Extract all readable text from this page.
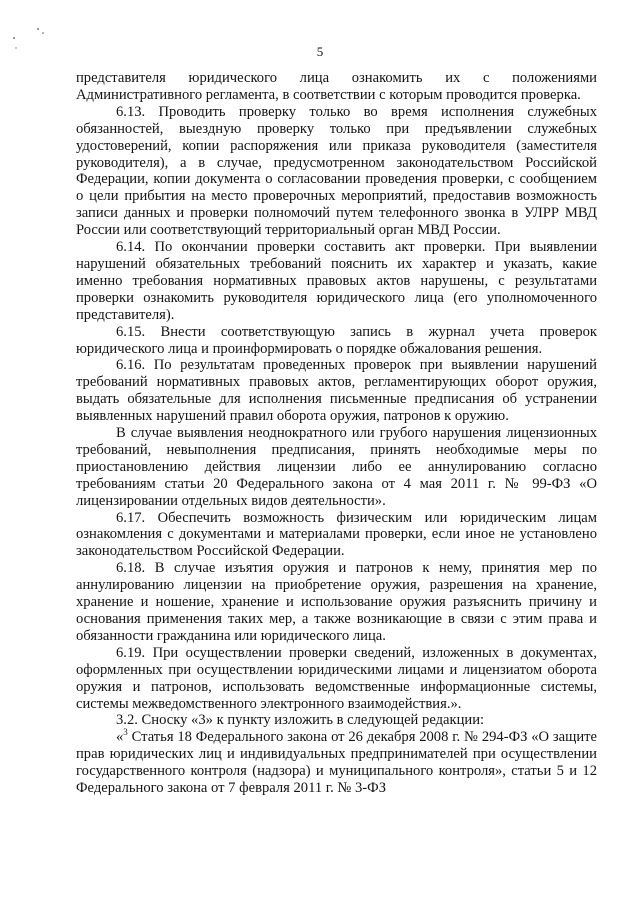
5

представителя юридического лица ознакомить их с положениями Административного регламента, в соответствии с которым проводится проверка.

6.13. Проводить проверку только во время исполнения служебных обязанностей, выездную проверку только при предъявлении служебных удостоверений, копии распоряжения или приказа руководителя (заместителя руководителя), а в случае, предусмотренном законодательством Российской Федерации, копии документа о согласовании проведения проверки, с сообщением о цели прибытия на место проверочных мероприятий, предоставив возможность записи данных и проверки полномочий путем телефонного звонка в УЛРР МВД России или соответствующий территориальный орган МВД России.

6.14. По окончании проверки составить акт проверки. При выявлении нарушений обязательных требований пояснить их характер и указать, какие именно требования нормативных правовых актов нарушены, с результатами проверки ознакомить руководителя юридического лица (его уполномоченного представителя).

6.15. Внести соответствующую запись в журнал учета проверок юридического лица и проинформировать о порядке обжалования решения.

6.16. По результатам проведенных проверок при выявлении нарушений требований нормативных правовых актов, регламентирующих оборот оружия, выдать обязательные для исполнения письменные предписания об устранении выявленных нарушений правил оборота оружия, патронов к оружию.

В случае выявления неоднократного или грубого нарушения лицензионных требований, невыполнения предписания, принять необходимые меры по приостановлению действия лицензии либо ее аннулированию согласно требованиям статьи 20 Федерального закона от 4 мая 2011 г. № 99-ФЗ «О лицензировании отдельных видов деятельности».

6.17. Обеспечить возможность физическим или юридическим лицам ознакомления с документами и материалами проверки, если иное не установлено законодательством Российской Федерации.

6.18. В случае изъятия оружия и патронов к нему, принятия мер по аннулированию лицензии на приобретение оружия, разрешения на хранение, хранение и ношение, хранение и использование оружия разъяснить причину и основания применения таких мер, а также возникающие в связи с этим права и обязанности гражданина или юридического лица.

6.19. При осуществлении проверки сведений, изложенных в документах, оформленных при осуществлении юридическими лицами и лицензиатом оборота оружия и патронов, использовать ведомственные информационные системы, системы межведомственного электронного взаимодействия.».

3.2. Сноску «3» к пункту изложить в следующей редакции:

«$^3$ Статья 18 Федерального закона от 26 декабря 2008 г. № 294-ФЗ «О защите прав юридических лиц и индивидуальных предпринимателей при осуществлении государственного контроля (надзора) и муниципального контроля», статьи 5 и 12 Федерального закона от 7 февраля 2011 г. № 3-ФЗ
